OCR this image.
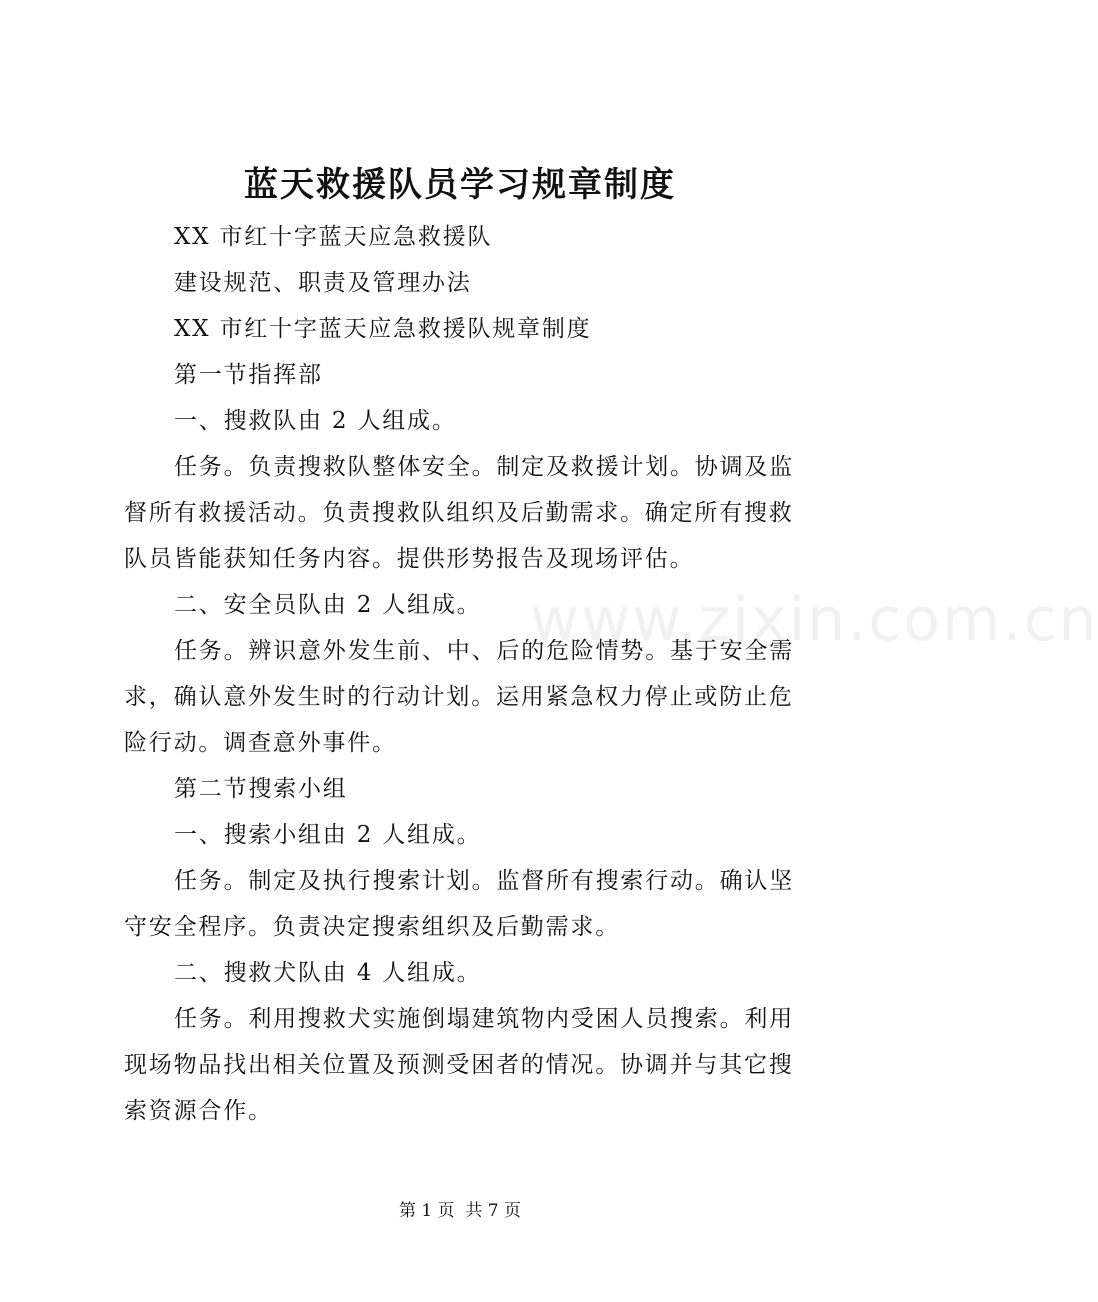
蓝天救援队员学习规章制度

XX 市红十字蓝天应急救援队

建设规范、职责及管理办法

XX 市红十字蓝天应急救援队规章制度

第一节指挥部

一、搜救队由 2 人组成。

任务。负责搜救队整体安全。制定及救援计划。协调及监督所有救援活动。负责搜救队组织及后勤需求。确定所有搜救队员皆能获知任务内容。提供形势报告及现场评估。

二、安全员队由 2 人组成。

任务。辨识意外发生前、中、后的危险情势。基于安全需求，确认意外发生时的行动计划。运用紧急权力停止或防止危险行动。调查意外事件。

第二节搜索小组

一、搜索小组由 2 人组成。

任务。制定及执行搜索计划。监督所有搜索行动。确认坚守安全程序。负责决定搜索组织及后勤需求。

二、搜救犬队由 4 人组成。

任务。利用搜救犬实施倒塌建筑物内受困人员搜索。利用现场物品找出相关位置及预测受困者的情况。协调并与其它搜索资源合作。

www.zixin.com.cn
第 1 页  共 7 页
